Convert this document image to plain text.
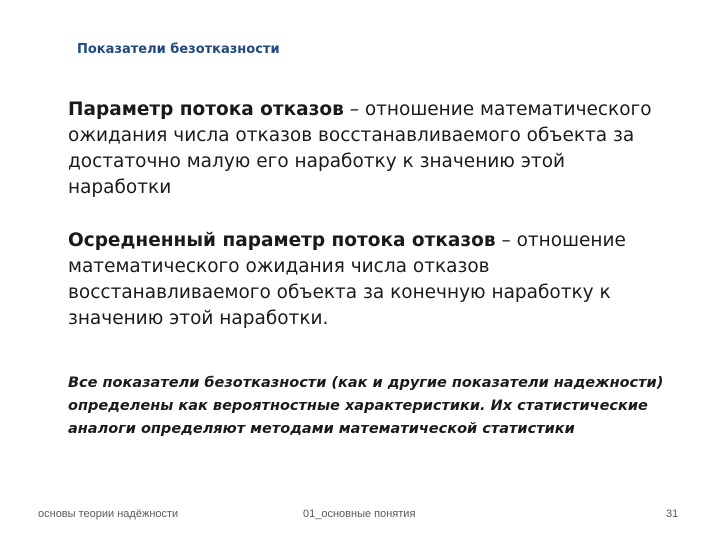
Показатели безотказности
Параметр потока отказов – отношение математического ожидания числа отказов восстанавливаемого объекта за достаточно малую его наработку к значению этой наработки
Осредненный параметр потока отказов – отношение математического ожидания числа отказов восстанавливаемого объекта за конечную наработку к значению этой наработки.
Все показатели безотказности (как и другие показатели надежности) определены как вероятностные характеристики. Их статистические аналоги определяют методами математической статистики
основы теории надёжности	01_основные понятия	31
